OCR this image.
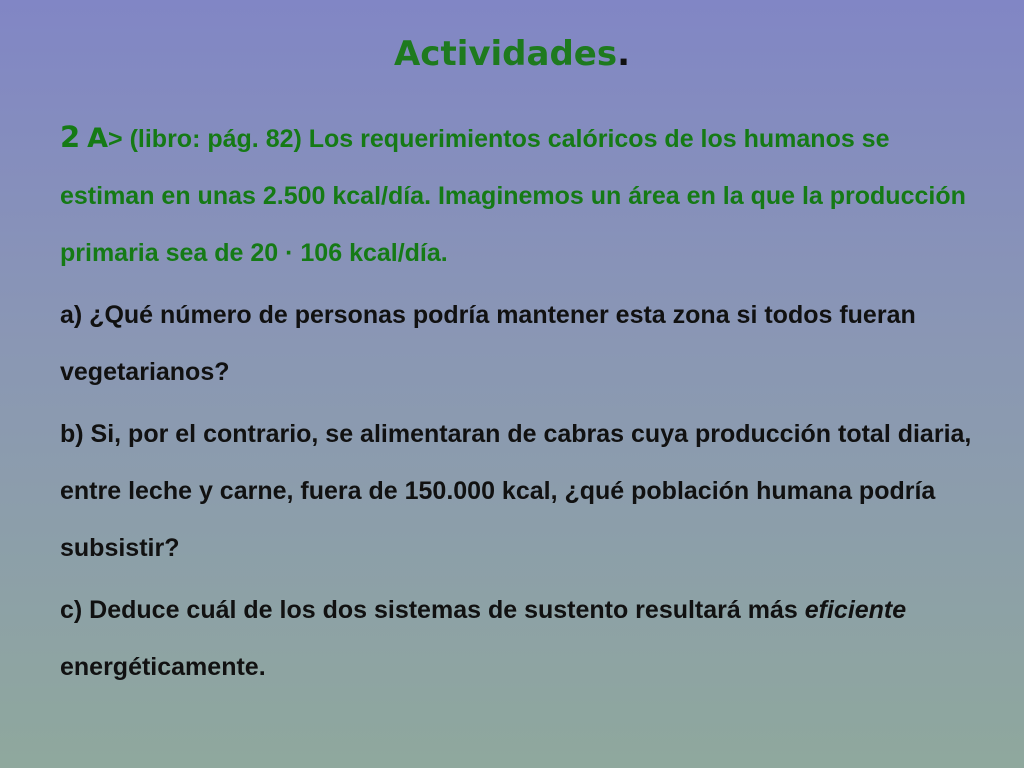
Actividades.

2 A> (libro: pág. 82) Los requerimientos calóricos de los humanos se estiman en unas 2.500 kcal/día. Imaginemos un área en la que la producción primaria sea de 20 · 106 kcal/día.

a) ¿Qué número de personas podría mantener esta zona si todos fueran vegetarianos?

b) Si, por el contrario, se alimentaran de cabras cuya producción total diaria, entre leche y carne, fuera de 150.000 kcal, ¿qué población humana podría subsistir?

c) Deduce cuál de los dos sistemas de sustento resultará más eficiente energéticamente.
